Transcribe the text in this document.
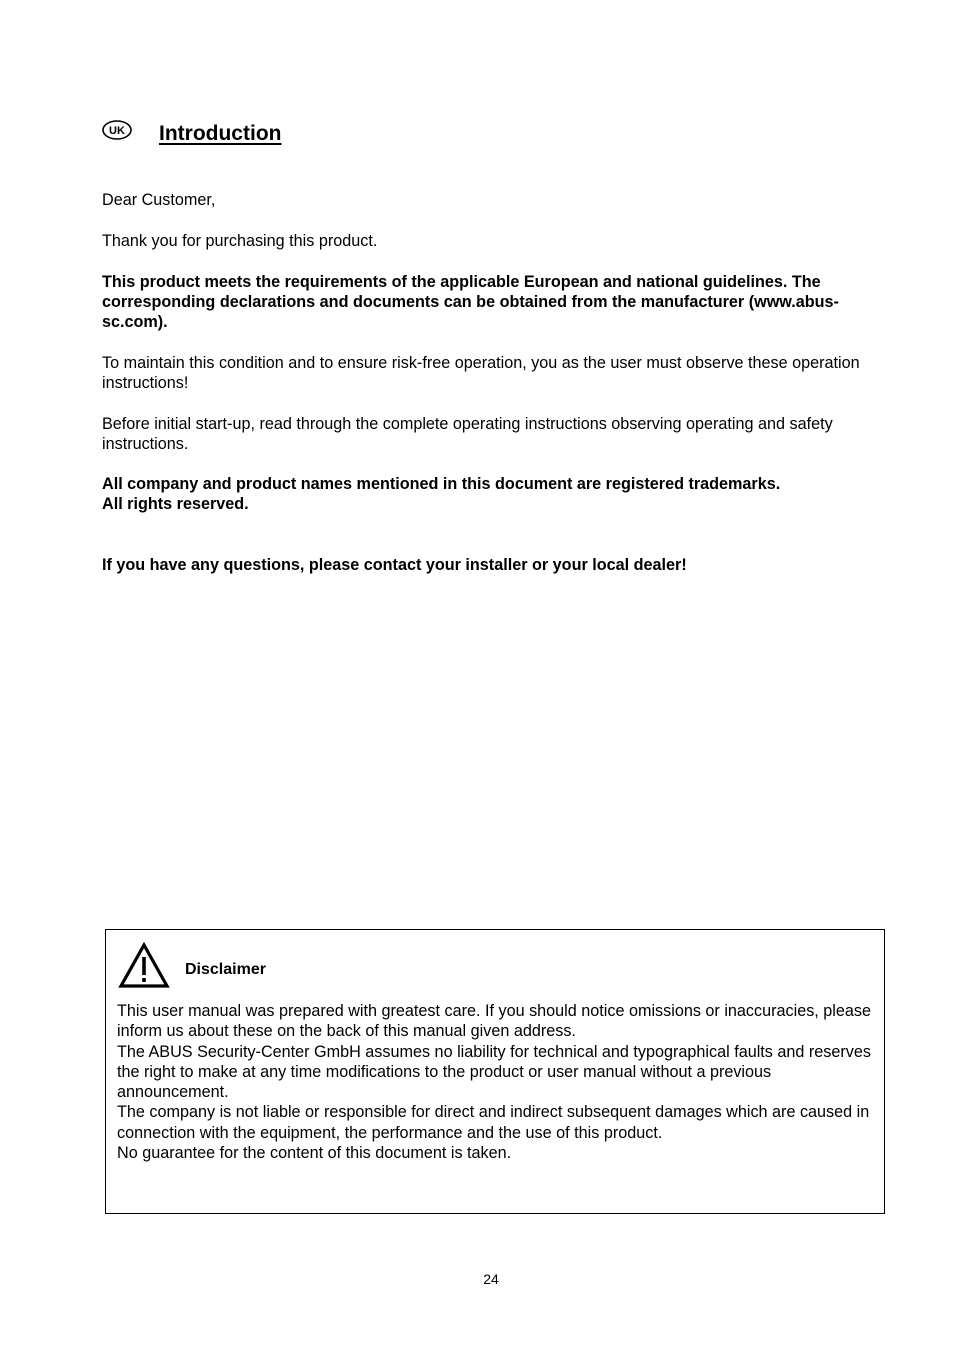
UK Introduction

Dear Customer,

Thank you for purchasing this product.

This product meets the requirements of the applicable European and national guidelines. The corresponding declarations and documents can be obtained from the manufacturer (www.abus-sc.com).

To maintain this condition and to ensure risk-free operation, you as the user must observe these operation instructions!

Before initial start-up, read through the complete operating instructions observing operating and safety instructions.

All company and product names mentioned in this document are registered trademarks.

All rights reserved.

If you have any questions, please contact your installer or your local dealer!

Disclaimer

This user manual was prepared with greatest care. If you should notice omissions or inaccuracies, please inform us about these on the back of this manual given address.

The ABUS Security-Center GmbH assumes no liability for technical and typographical faults and reserves the right to make at any time modifications to the product or user manual without a previous announcement.

The company is not liable or responsible for direct and indirect subsequent damages which are caused in connection with the equipment, the performance and the use of this product.

No guarantee for the content of this document is taken.

24
